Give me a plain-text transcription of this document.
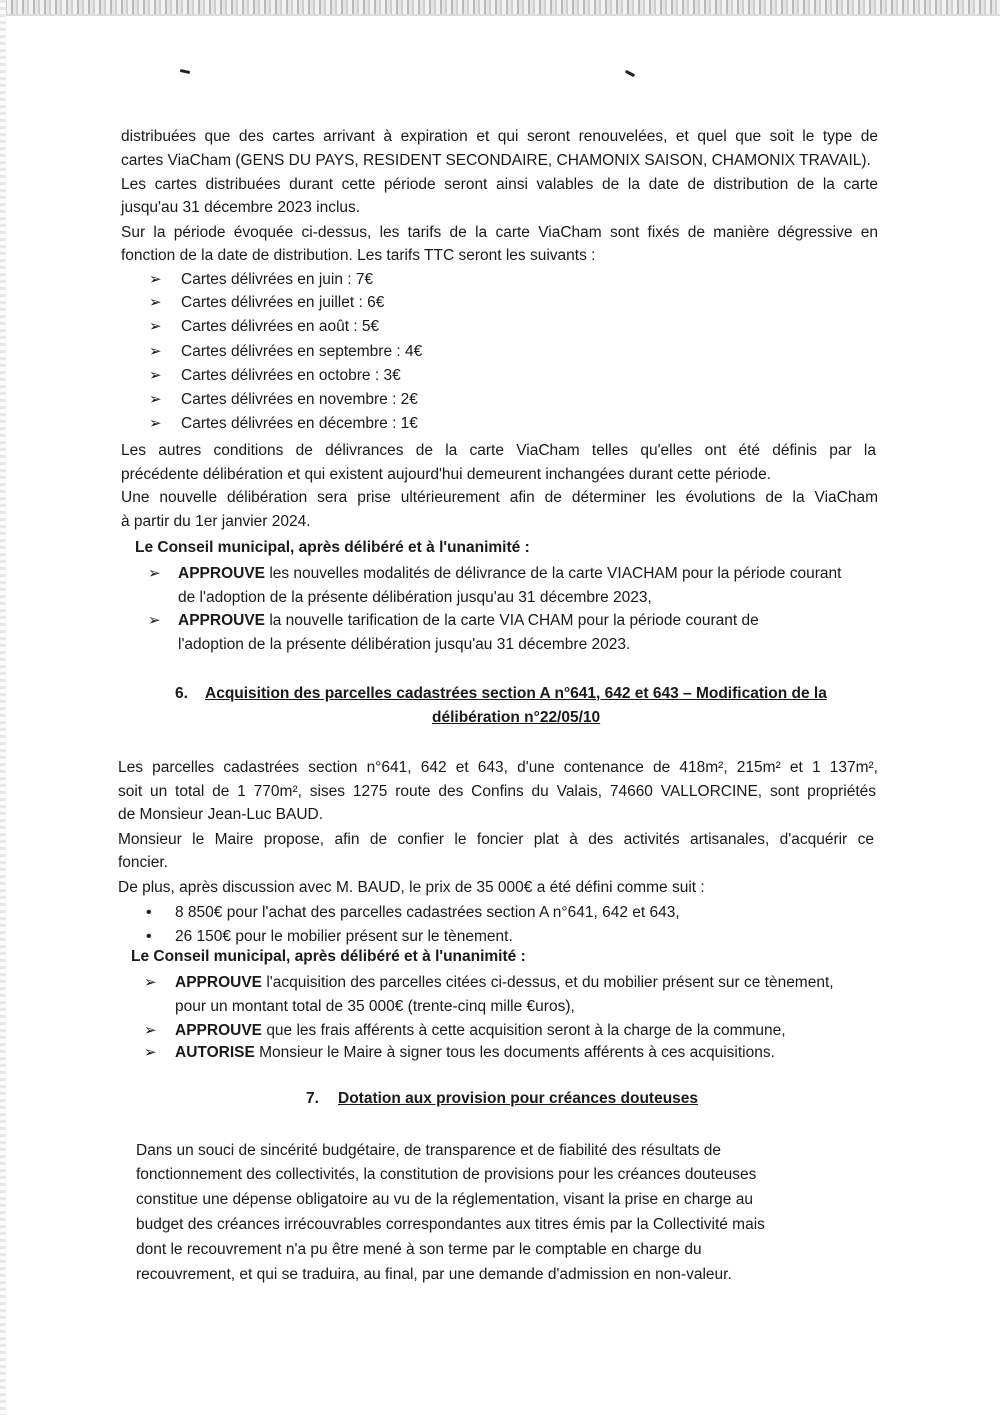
distribuées que des cartes arrivant à expiration et qui seront renouvelées, et quel que soit le type de
cartes ViaCham (GENS DU PAYS, RESIDENT SECONDAIRE, CHAMONIX SAISON, CHAMONIX TRAVAIL).
Les cartes distribuées durant cette période seront ainsi valables de la date de distribution de la carte
jusqu'au 31 décembre 2023 inclus.
Sur la période évoquée ci-dessus, les tarifs de la carte ViaCham sont fixés de manière dégressive en
fonction de la date de distribution. Les tarifs TTC seront les suivants :
➢ Cartes délivrées en juin : 7€
➢ Cartes délivrées en juillet : 6€
➢ Cartes délivrées en août : 5€
➢ Cartes délivrées en septembre : 4€
➢ Cartes délivrées en octobre : 3€
➢ Cartes délivrées en novembre : 2€
➢ Cartes délivrées en décembre : 1€
Les autres conditions de délivrances de la carte ViaCham telles qu'elles ont été définis par la
précédente délibération et qui existent aujourd'hui demeurent inchangées durant cette période.
Une nouvelle délibération sera prise ultérieurement afin de déterminer les évolutions de la ViaCham
à partir du 1er janvier 2024.
Le Conseil municipal, après délibéré et à l'unanimité :
➢ APPROUVE les nouvelles modalités de délivrance de la carte VIACHAM pour la période courant
de l'adoption de la présente délibération jusqu'au 31 décembre 2023,
➢ APPROUVE la nouvelle tarification de la carte VIA CHAM pour la période courant de
l'adoption de la présente délibération jusqu'au 31 décembre 2023.
6. Acquisition des parcelles cadastrées section A n°641, 642 et 643 – Modification de la
délibération n°22/05/10
Les parcelles cadastrées section n°641, 642 et 643, d'une contenance de 418m², 215m² et 1 137m²,
soit un total de 1 770m², sises 1275 route des Confins du Valais, 74660 VALLORCINE, sont propriétés
de Monsieur Jean-Luc BAUD.
Monsieur le Maire propose, afin de confier le foncier plat à des activités artisanales, d'acquérir ce
foncier.
De plus, après discussion avec M. BAUD, le prix de 35 000€ a été défini comme suit :
• 8 850€ pour l'achat des parcelles cadastrées section A n°641, 642 et 643,
• 26 150€ pour le mobilier présent sur le tènement.
Le Conseil municipal, après délibéré et à l'unanimité :
➢ APPROUVE l'acquisition des parcelles citées ci-dessus, et du mobilier présent sur ce tènement,
pour un montant total de 35 000€ (trente-cinq mille €uros),
➢ APPROUVE que les frais afférents à cette acquisition seront à la charge de la commune,
➢ AUTORISE Monsieur le Maire à signer tous les documents afférents à ces acquisitions.
7. Dotation aux provision pour créances douteuses
Dans un souci de sincérité budgétaire, de transparence et de fiabilité des résultats de
fonctionnement des collectivités, la constitution de provisions pour les créances douteuses
constitue une dépense obligatoire au vu de la réglementation, visant la prise en charge au
budget des créances irrécouvrables correspondantes aux titres émis par la Collectivité mais
dont le recouvrement n'a pu être mené à son terme par le comptable en charge du
recouvrement, et qui se traduira, au final, par une demande d'admission en non-valeur.
